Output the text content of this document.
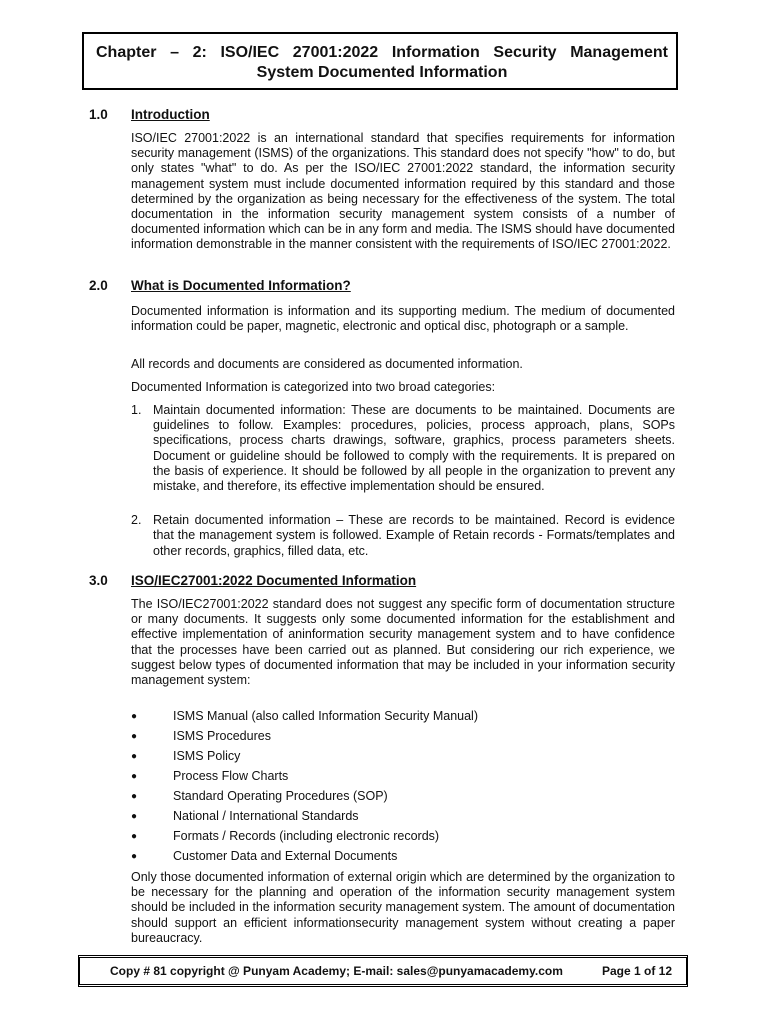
Chapter – 2: ISO/IEC 27001:2022 Information Security Management
System Documented Information
1.0 Introduction

ISO/IEC 27001:2022 is an international standard that specifies requirements for information security management (ISMS) of the organizations. This standard does not specify "how" to do, but only states "what" to do. As per the ISO/IEC 27001:2022 standard, the information security management system must include documented information required by this standard and those determined by the organization as being necessary for the effectiveness of the system. The total documentation in the information security management system consists of a number of documented information which can be in any form and media. The ISMS should have documented information demonstrable in the manner consistent with the requirements of ISO/IEC 27001:2022.

2.0 What is Documented Information?

Documented information is information and its supporting medium. The medium of documented information could be paper, magnetic, electronic and optical disc, photograph or a sample.

All records and documents are considered as documented information.

Documented Information is categorized into two broad categories:

1. Maintain documented information: These are documents to be maintained. Documents are guidelines to follow. Examples: procedures, policies, process approach, plans, SOPs specifications, process charts drawings, software, graphics, process parameters sheets. Document or guideline should be followed to comply with the requirements. It is prepared on the basis of experience. It should be followed by all people in the organization to prevent any mistake, and therefore, its effective implementation should be ensured.
2. Retain documented information – These are records to be maintained. Record is evidence that the management system is followed. Example of Retain records - Formats/templates and other records, graphics, filled data, etc.
3.0 ISO/IEC27001:2022 Documented Information

The ISO/IEC27001:2022 standard does not suggest any specific form of documentation structure or many documents. It suggests only some documented information for the establishment and effective implementation of aninformation security management system and to have confidence that the processes have been carried out as planned. But considering our rich experience, we suggest below types of documented information that may be included in your information security management system:

●	ISMS Manual (also called Information Security Manual)
●	ISMS Procedures
●	ISMS Policy
●	Process Flow Charts
●	Standard Operating Procedures (SOP)
●	National / International Standards
●	Formats / Records (including electronic records)
●	Customer Data and External Documents

Only those documented information of external origin which are determined by the organization to be necessary for the planning and operation of the information security management system should be included in the information security management system. The amount of documentation should support an efficient informationsecurity management system without creating a paper bureaucracy.

Copy # 81 copyright @ Punyam Academy; E-mail: sales@punyamacademy.com	Page 1 of 12
